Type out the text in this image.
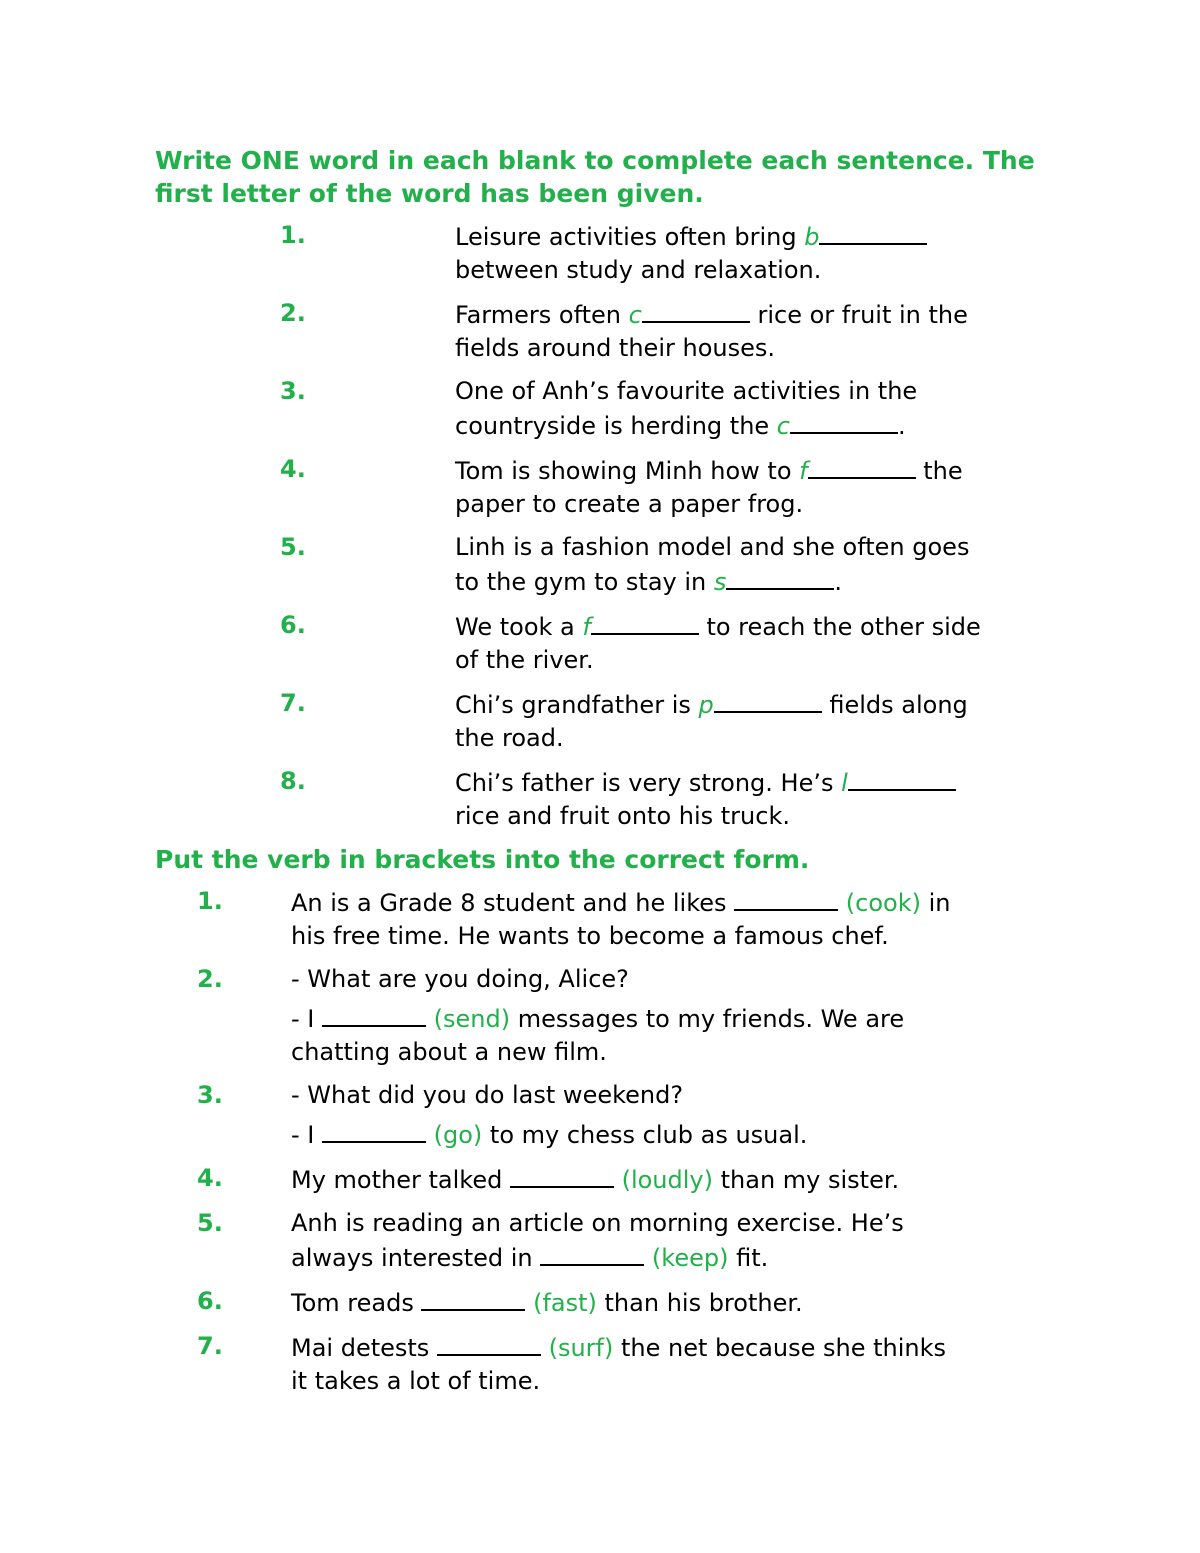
Write ONE word in each blank to complete each sentence. The first letter of the word has been given.

1.	Leisure activities often bring b
between study and relaxation.
2.	Farmers often c	rice or fruit in the
fields around their houses.
3.	One of Anh’s favourite activities in the
countryside is herding the c	.
4.	Tom is showing Minh how to f	the
paper to create a paper frog.
5.	Linh is a fashion model and she often goes
to the gym to stay in s	.
6.	We took a f	to reach the other side
of the river.
7.	Chi’s grandfather is p	fields along
the road.
8.	Chi’s father is very strong. He’s l
rice and fruit onto his truck.

Put the verb in brackets into the correct form.

1.	An is a Grade 8 student and he likes	(cook) in
his free time. He wants to become a famous chef.
2.	- What are you doing, Alice?
- I	(send) messages to my friends. We are
chatting about a new film.
3.	- What did you do last weekend?
- I	(go) to my chess club as usual.
4.	My mother talked	(loudly) than my sister.
5.	Anh is reading an article on morning exercise. He’s
always interested in	(keep) fit.
6.	Tom reads	(fast) than his brother.
7.	Mai detests	(surf) the net because she thinks
it takes a lot of time.
